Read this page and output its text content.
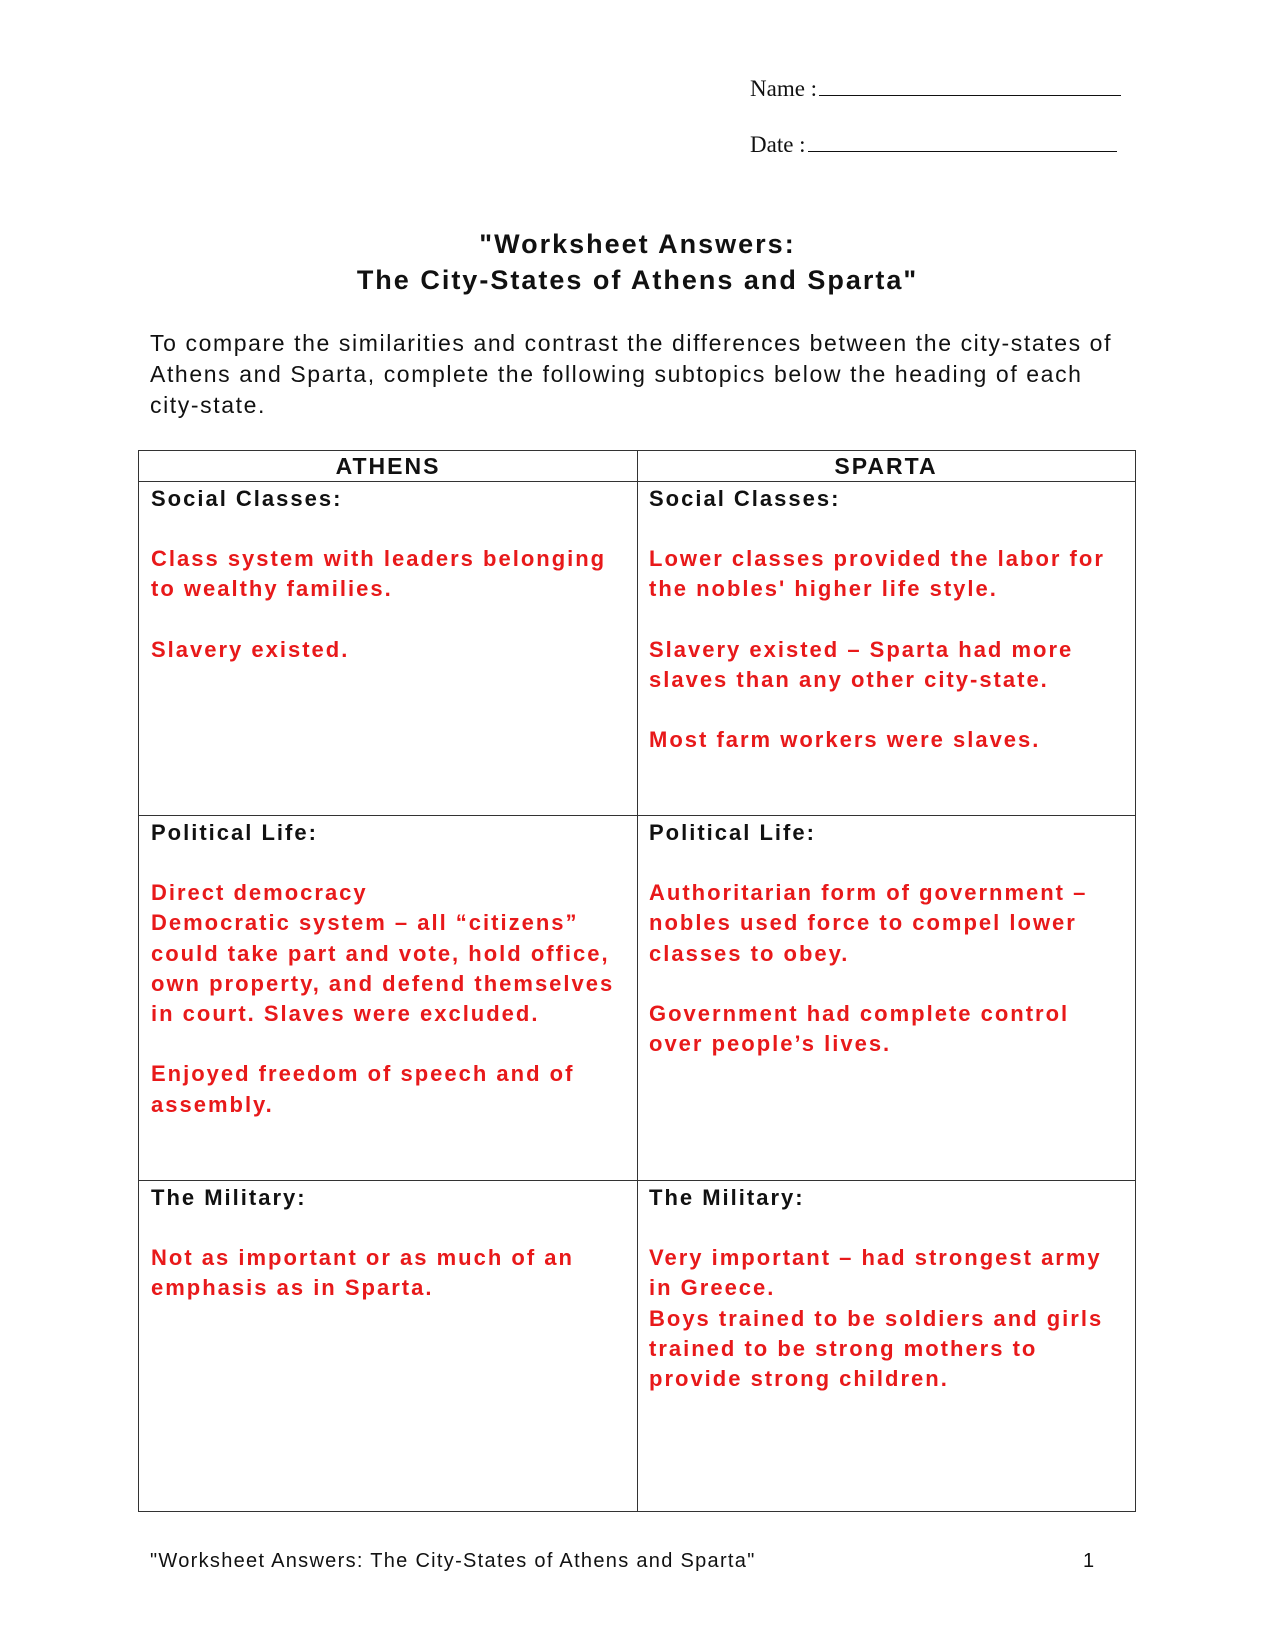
Name :
Date :
"Worksheet Answers:
The City-States of Athens and Sparta"
To compare the similarities and contrast the differences between the city-states of Athens and Sparta, complete the following subtopics below the heading of each city-state.
ATHENS	SPARTA
Social Classes:
Class system with leaders belonging to wealthy families.
Slavery existed.
Social Classes:
Lower classes provided the labor for the nobles' higher life style.
Slavery existed – Sparta had more slaves than any other city-state.
Most farm workers were slaves.
Political Life:
Direct democracy
Democratic system – all “citizens” could take part and vote, hold office, own property, and defend themselves in court. Slaves were excluded.
Enjoyed freedom of speech and of assembly.
Political Life:
Authoritarian form of government – nobles used force to compel lower classes to obey.
Government had complete control over people’s lives.
The Military:
Not as important or as much of an emphasis as in Sparta.
The Military:
Very important – had strongest army in Greece.
Boys trained to be soldiers and girls trained to be strong mothers to provide strong children.
"Worksheet Answers: The City-States of Athens and Sparta"	1
